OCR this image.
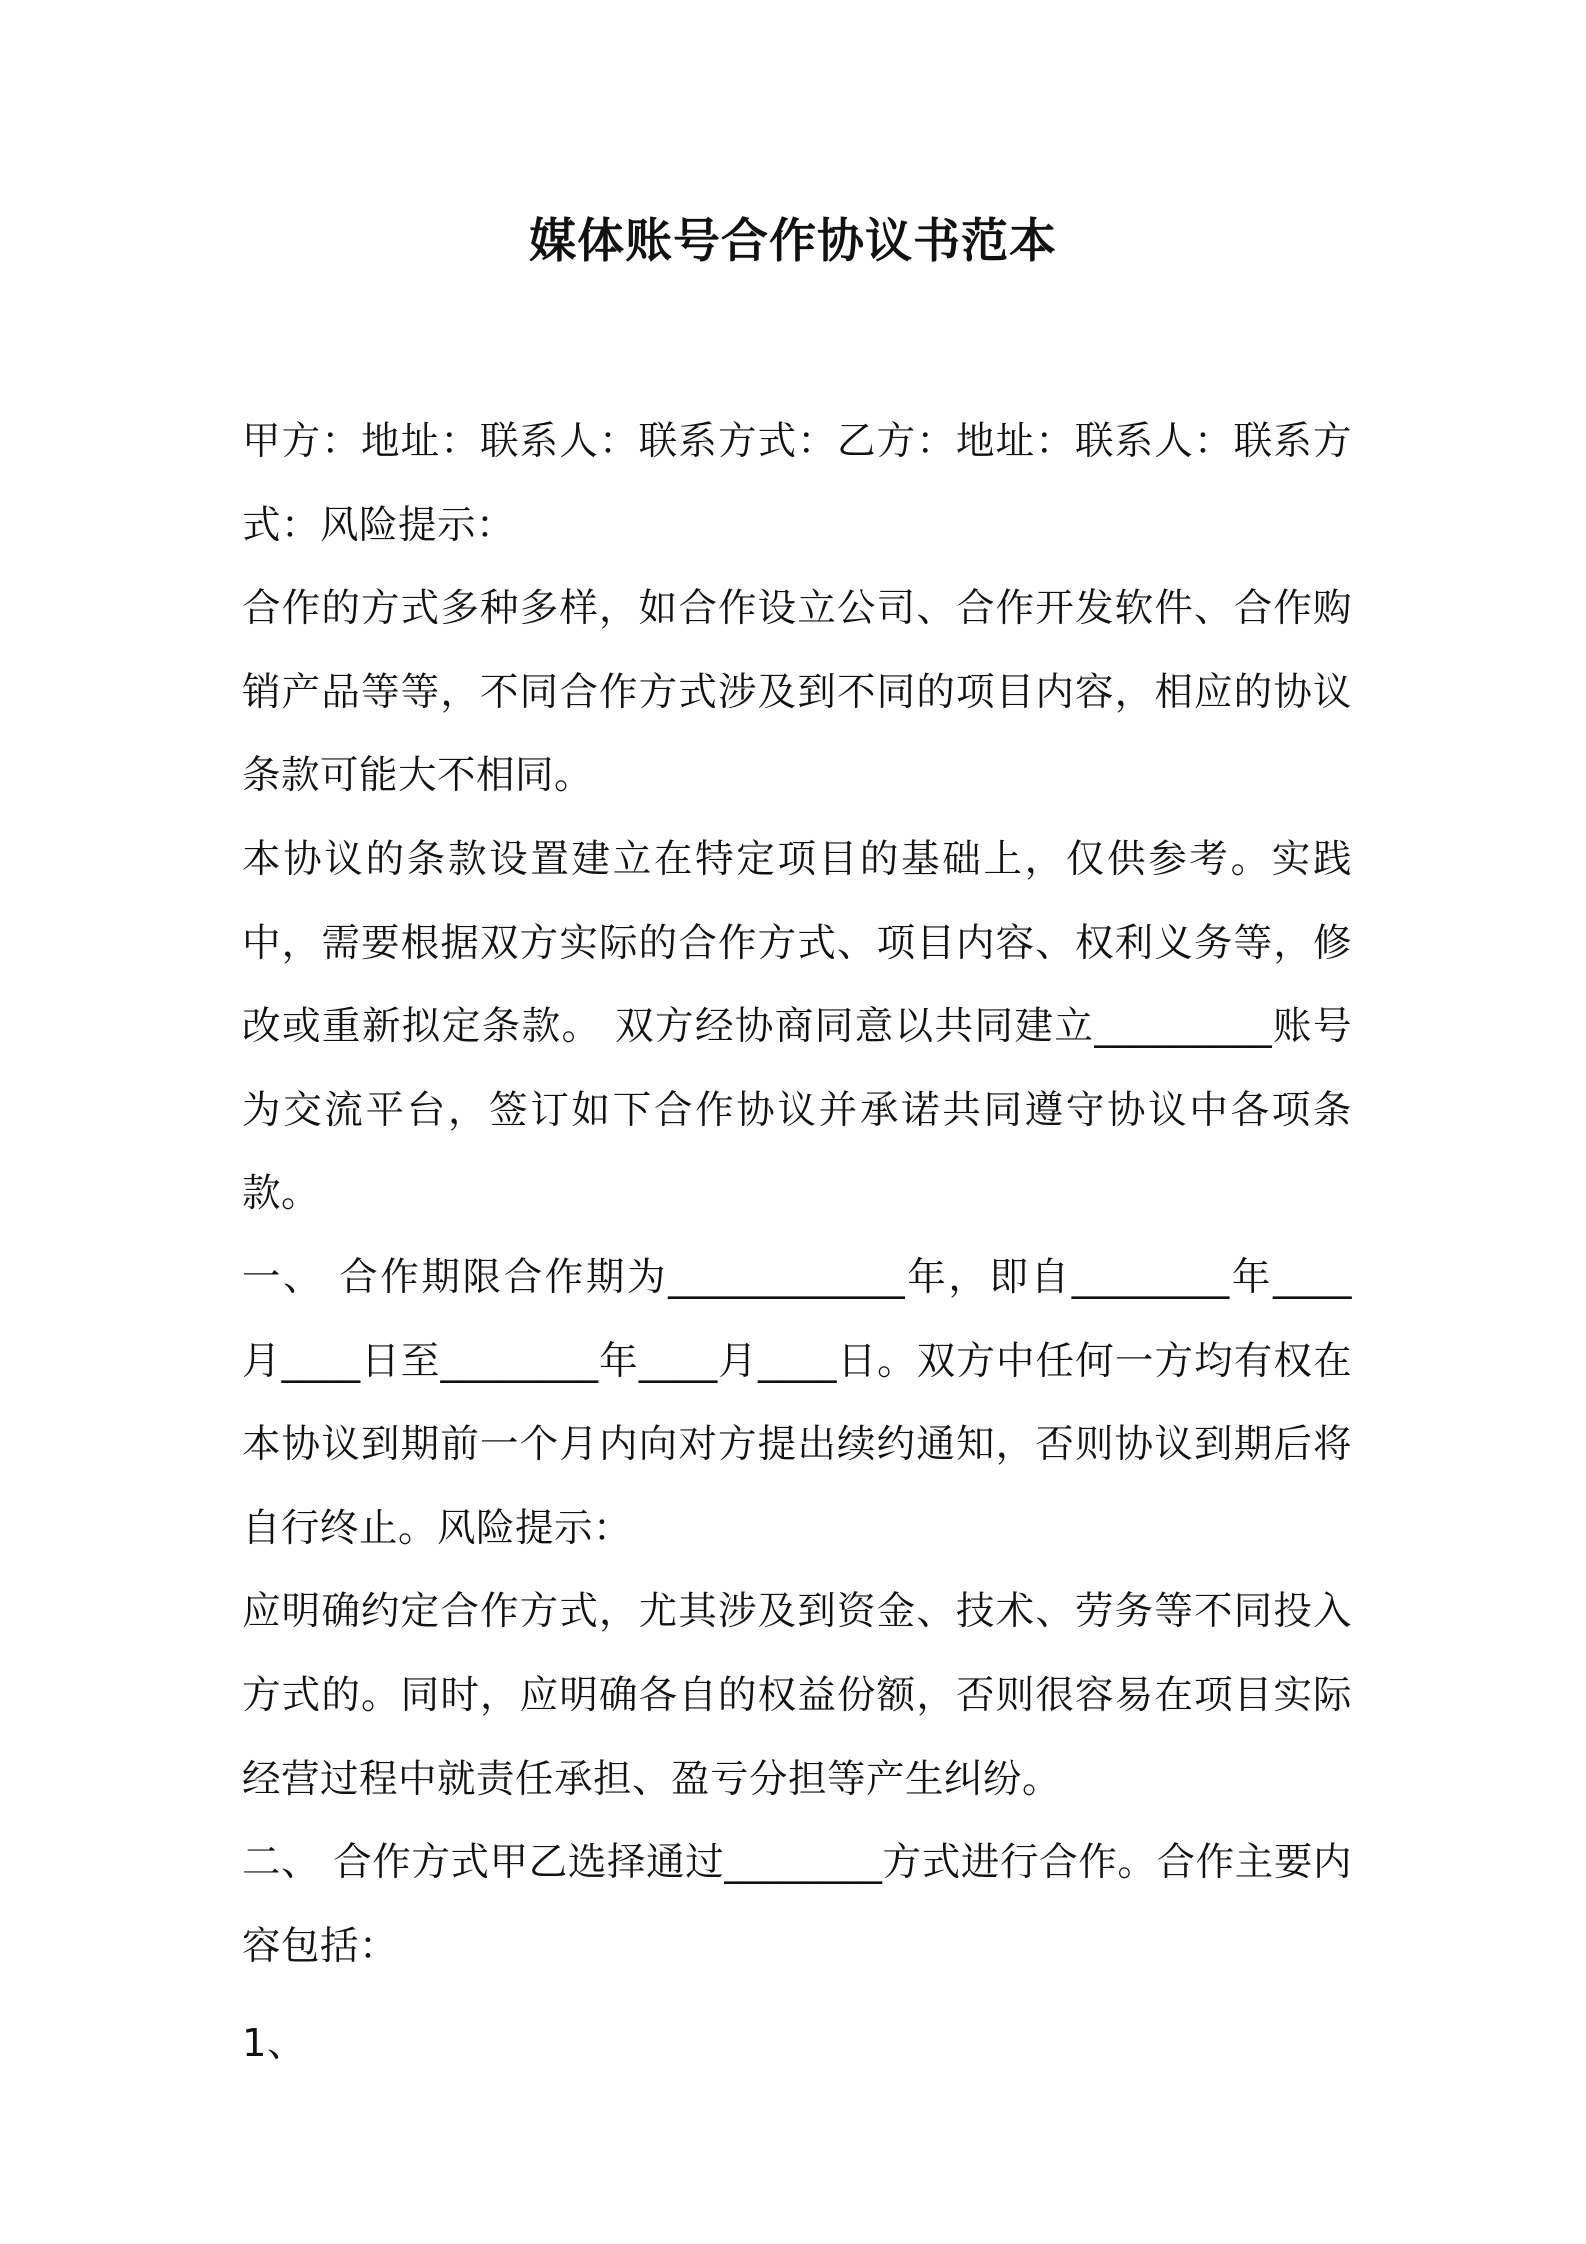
媒体账号合作协议书范本

甲方：地址：联系人：联系方式：乙方：地址：联系人：联系方式：风险提示：

合作的方式多种多样，如合作设立公司、合作开发软件、合作购销产品等等，不同合作方式涉及到不同的项目内容，相应的协议条款可能大不相同。

本协议的条款设置建立在特定项目的基础上，仅供参考。实践中，需要根据双方实际的合作方式、项目内容、权利义务等，修改或重新拟定条款。 双方经协商同意以共同建立_________账号为交流平台，签订如下合作协议并承诺共同遵守协议中各项条款。

一、 合作期限合作期为____________年，即自________年____月____日至________年____月____日。双方中任何一方均有权在本协议到期前一个月内向对方提出续约通知，否则协议到期后将自行终止。风险提示：

应明确约定合作方式，尤其涉及到资金、技术、劳务等不同投入方式的。同时，应明确各自的权益份额，否则很容易在项目实际经营过程中就责任承担、盈亏分担等产生纠纷。

二、 合作方式甲乙选择通过________方式进行合作。合作主要内容包括：

1、
